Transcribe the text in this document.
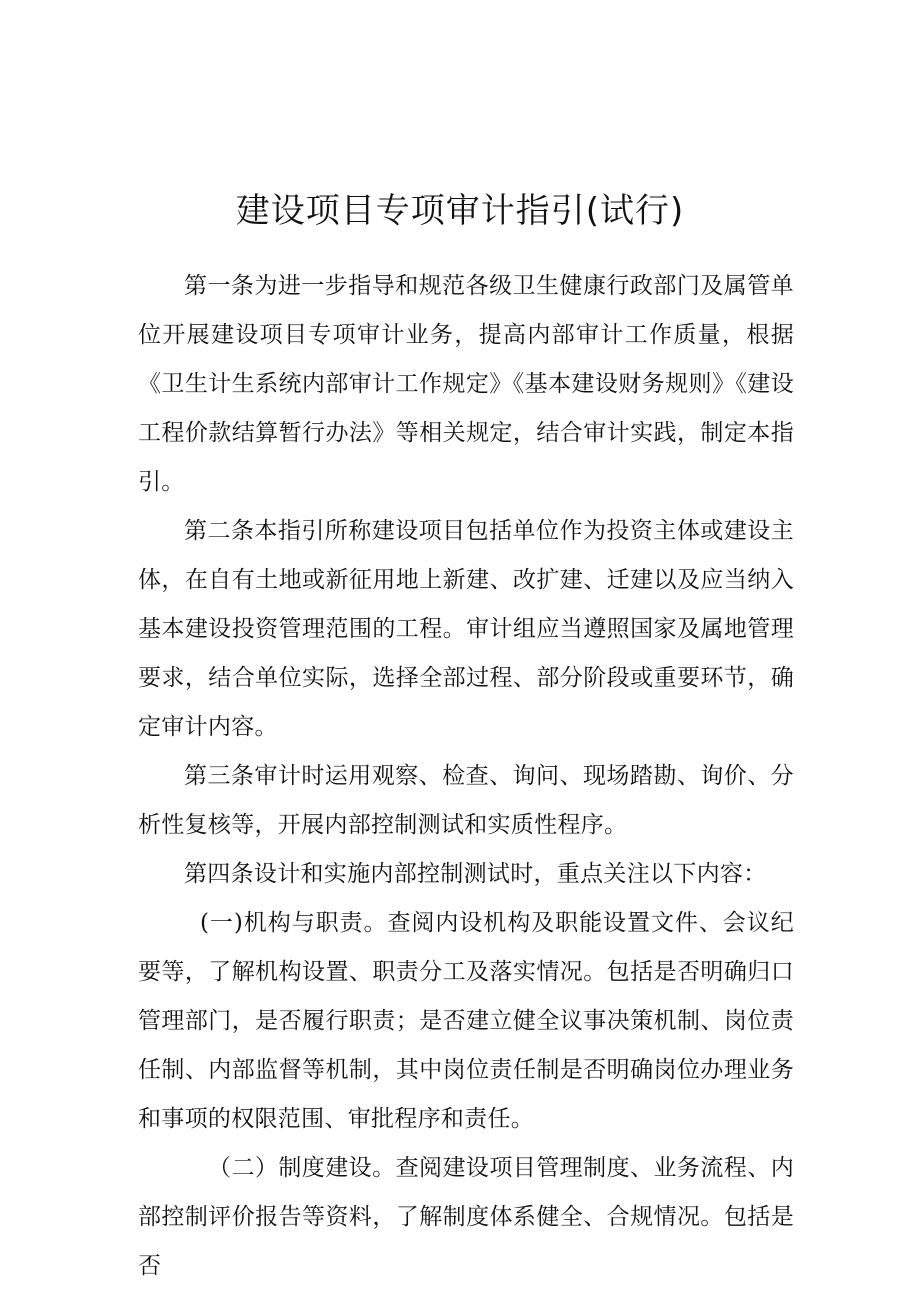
建设项目专项审计指引(试行)

第一条为进一步指导和规范各级卫生健康行政部门及属管单位开展建设项目专项审计业务，提高内部审计工作质量，根据《卫生计生系统内部审计工作规定》《基本建设财务规则》《建设工程价款结算暂行办法》等相关规定，结合审计实践，制定本指引。

第二条本指引所称建设项目包括单位作为投资主体或建设主体，在自有土地或新征用地上新建、改扩建、迁建以及应当纳入基本建设投资管理范围的工程。审计组应当遵照国家及属地管理要求，结合单位实际，选择全部过程、部分阶段或重要环节，确定审计内容。

第三条审计时运用观察、检查、询问、现场踏勘、询价、分析性复核等，开展内部控制测试和实质性程序。

第四条设计和实施内部控制测试时，重点关注以下内容：

(一)机构与职责。查阅内设机构及职能设置文件、会议纪要等，了解机构设置、职责分工及落实情况。包括是否明确归口管理部门，是否履行职责；是否建立健全议事决策机制、岗位责任制、内部监督等机制，其中岗位责任制是否明确岗位办理业务和事项的权限范围、审批程序和责任。

（二）制度建设。查阅建设项目管理制度、业务流程、内部控制评价报告等资料，了解制度体系健全、合规情况。包括是否
